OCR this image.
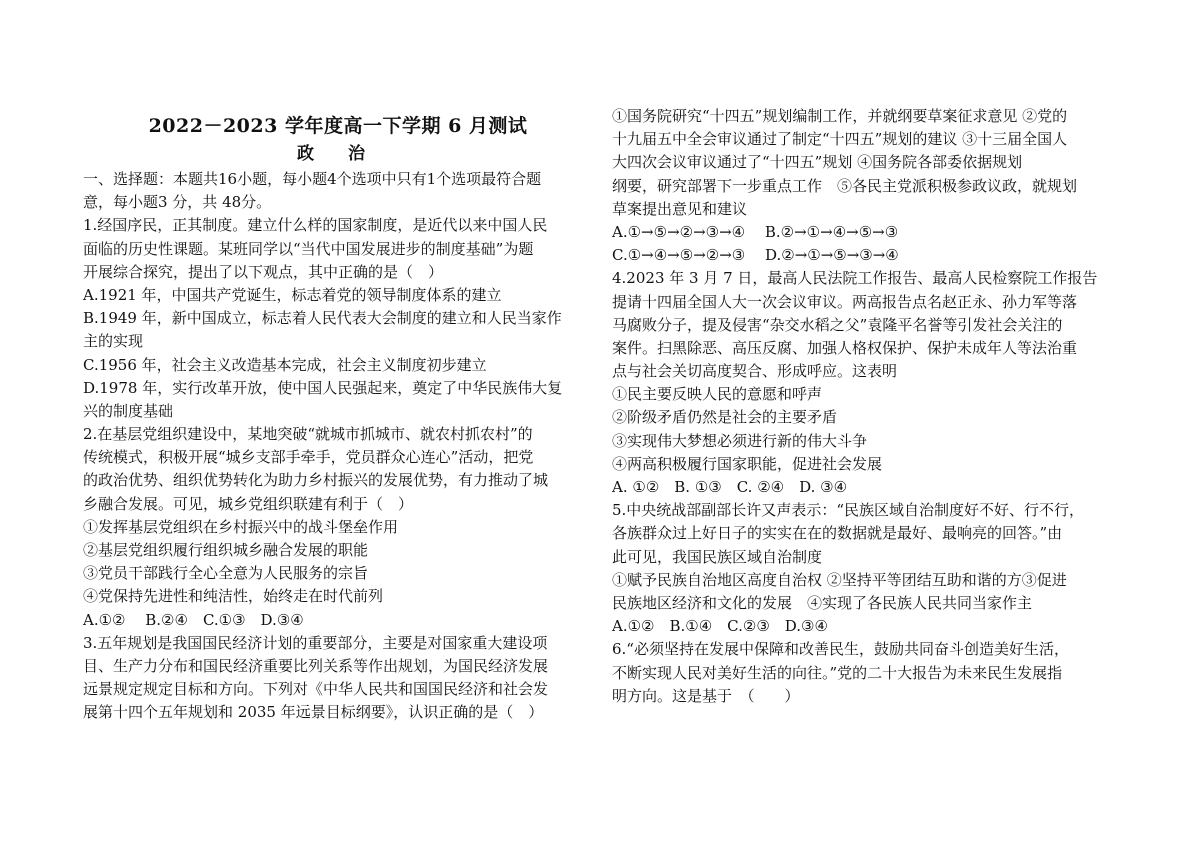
2022－2023 学年度高一下学期 6 月测试
政 治
一、选择题：本题共16小题，每小题4个选项中只有1个选项最符合题
意，每小题3 分，共 48分。
1.经国序民，正其制度。建立什么样的国家制度，是近代以来中国人民
面临的历史性课题。某班同学以“当代中国发展进步的制度基础”为题
开展综合探究，提出了以下观点，其中正确的是（　）
A.1921 年，中国共产党诞生，标志着党的领导制度体系的建立
B.1949 年，新中国成立，标志着人民代表大会制度的建立和人民当家作
主的实现
C.1956 年，社会主义改造基本完成，社会主义制度初步建立
D.1978 年，实行改革开放，使中国人民强起来，奠定了中华民族伟大复
兴的制度基础
2.在基层党组织建设中，某地突破“就城市抓城市、就农村抓农村”的
传统模式，积极开展“城乡支部手牵手，党员群众心连心”活动，把党
的政治优势、组织优势转化为助力乡村振兴的发展优势，有力推动了城
乡融合发展。可见，城乡党组织联建有利于（　）
①发挥基层党组织在乡村振兴中的战斗堡垒作用
②基层党组织履行组织城乡融合发展的职能
③党员干部践行全心全意为人民服务的宗旨
④党保持先进性和纯洁性，始终走在时代前列
A.①②　 B.②④　C.①③　D.③④
3.五年规划是我国国民经济计划的重要部分，主要是对国家重大建设项
目、生产力分布和国民经济重要比列关系等作出规划，为国民经济发展
远景规定规定目标和方向。下列对《中华人民共和国国民经济和社会发
展第十四个五年规划和 2035 年远景目标纲要》，认识正确的是（　）
①国务院研究“十四五”规划编制工作，并就纲要草案征求意见 ②党的
十九届五中全会审议通过了制定“十四五”规划的建议 ③十三届全国人
大四次会议审议通过了“十四五”规划 ④国务院各部委依据规划
纲要，研究部署下一步重点工作　⑤各民主党派积极参政议政，就规划
草案提出意见和建议
A.①→⑤→②→③→④　 B.②→①→④→⑤→③
C.①→④→⑤→②→③　 D.②→①→⑤→③→④
4.2023 年 3 月 7 日，最高人民法院工作报告、最高人民检察院工作报告
提请十四届全国人大一次会议审议。两高报告点名赵正永、孙力军等落
马腐败分子，提及侵害“杂交水稻之父”袁隆平名誉等引发社会关注的
案件。扫黑除恶、高压反腐、加强人格权保护、保护未成年人等法治重
点与社会关切高度契合、形成呼应。这表明
①民主要反映人民的意愿和呼声
②阶级矛盾仍然是社会的主要矛盾
③实现伟大梦想必须进行新的伟大斗争
④两高积极履行国家职能，促进社会发展
A. ①②　B. ①③　C. ②④　D. ③④
5.中央统战部副部长许又声表示：“民族区域自治制度好不好、行不行，
各族群众过上好日子的实实在在的数据就是最好、最响亮的回答。”由
此可见，我国民族区域自治制度
①赋予民族自治地区高度自治权 ②坚持平等团结互助和谐的方③促进
民族地区经济和文化的发展　④实现了各民族人民共同当家作主
A.①②　B.①④　C.②③　D.③④
6.“必须坚持在发展中保障和改善民生，鼓励共同奋斗创造美好生活，
不断实现人民对美好生活的向往。”党的二十大报告为未来民生发展指
明方向。这是基于　（　　）
